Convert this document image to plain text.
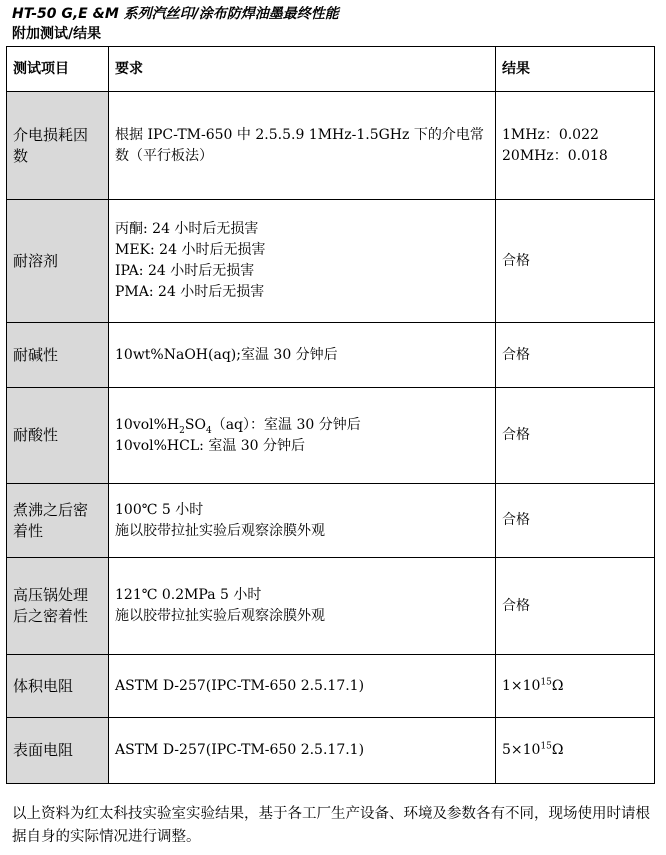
HT-50 G,E &M 系列汽丝印/涂布防焊油墨最终性能
附加测试/结果
测试项目	要求	结果
介电损耗因数	根据 IPC-TM-650 中 2.5.5.9 1MHz-1.5GHz 下的介电常数（平行板法）	1MHz：0.022
20MHz：0.018

耐溶剂	丙酮: 24 小时后无损害
MEK: 24 小时后无损害
IPA: 24 小时后无损害
PMA: 24 小时后无损害	合格
耐碱性	10wt%NaOH(aq);室温 30 分钟后	合格
耐酸性	$10vol\%H_2SO_4(aq)$：室温 30 分钟后
10vol%HCL: 室温 30 分钟后	合格
煮沸之后密着性	100℃ 5 小时
施以胶带拉扯实验后观察涂膜外观	合格
高压锅处理后之密着性	121℃ 0.2MPa 5 小时
施以胶带拉扯实验后观察涂膜外观	合格
体积电阻	ASTM D-257(IPC-TM-650 2.5.17.1)	$1\times 10^{15}\Omega$
表面电阻	ASTM D-257(IPC-TM-650 2.5.17.1)	$5\times 10^{15}\Omega$
以上资料为红太科技实验室实验结果，基于各工厂生产设备、环境及参数各有不同，现场使用时请根据自身的实际情况进行调整。
